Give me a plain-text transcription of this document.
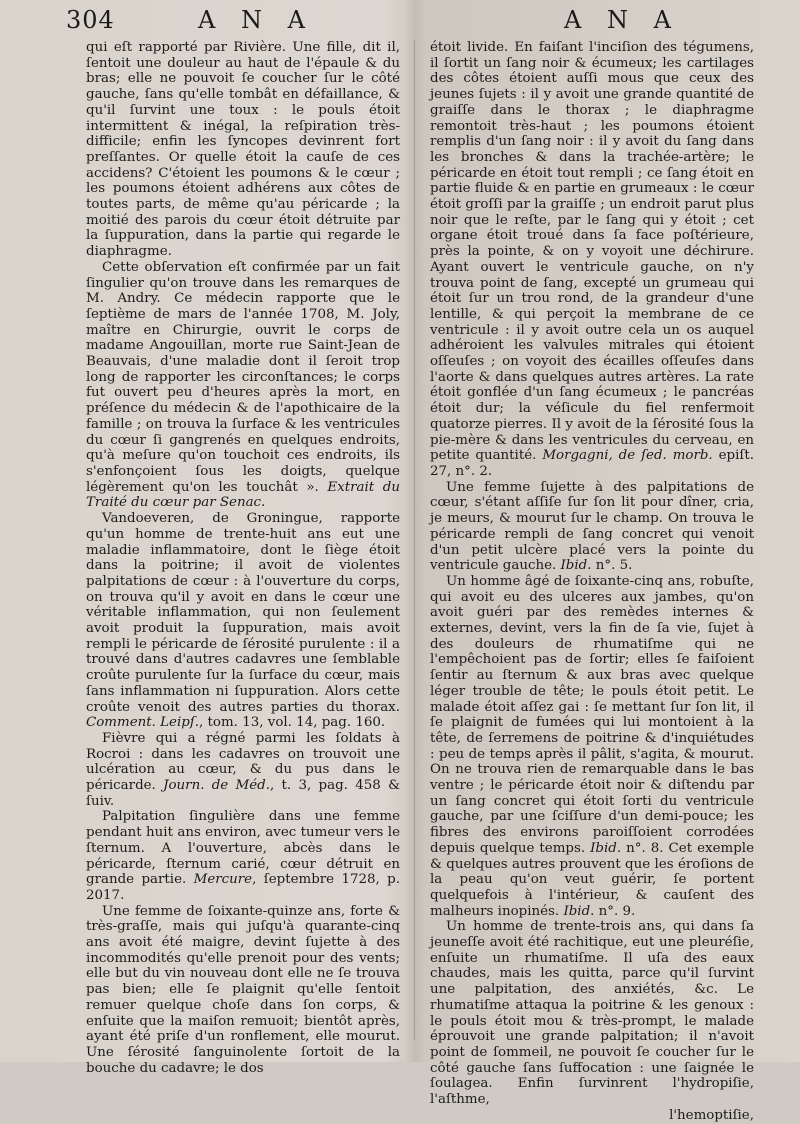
304	A N A	A N A

qui eſt rapporté par Rivière. Une fille, dit il, ſentoit une douleur au haut de l'épaule & du bras; elle ne pouvoit ſe coucher ſur le côté gauche, ſans qu'elle tombât en défaillance, & qu'il ſurvint une toux : le pouls étoit intermittent & inégal, la reſpiration très-difficile; enfin les ſyncopes devinrent fort preſſantes. Or quelle étoit la cauſe de ces accidens? C'étoient les poumons & le cœur ; les poumons étoient adhérens aux côtes de toutes parts, de même qu'au péricarde ; la moitié des parois du cœur étoit détruite par la ſuppuration, dans la partie qui regarde le diaphragme.

Cette obſervation eſt confirmée par un fait ſingulier qu'on trouve dans les remarques de M. Andry. Ce médecin rapporte que le ſeptième de mars de l'année 1708, M. Joly, maître en Chirurgie, ouvrit le corps de madame Angouillan, morte rue Saint-Jean de Beauvais, d'une maladie dont il ſeroit trop long de rapporter les circonſtances; le corps fut ouvert peu d'heures après la mort, en préſence du médecin & de l'apothicaire de la famille ; on trouva la ſurface & les ventricules du cœur ſi gangrenés en quelques endroits, qu'à meſure qu'on touchoit ces endroits, ils s'enfonçoient ſous les doigts, quelque légèrement qu'on les touchât ». Extrait du Traité du cœur par Senac.

Vandoeveren, de Groningue, rapporte qu'un homme de trente-huit ans eut une maladie inflammatoire, dont le ſiège étoit dans la poitrine; il avoit de violentes palpitations de cœur : à l'ouverture du corps, on trouva qu'il y avoit en dans le cœur une véritable inflammation, qui non ſeulement avoit produit la ſuppuration, mais avoit rempli le péricarde de ſérosité purulente : il a trouvé dans d'autres cadavres une ſemblable croûte purulente ſur la ſurface du cœur, mais ſans inflammation ni ſuppuration. Alors cette croûte venoit des autres parties du thorax. Comment. Leipſ., tom. 13, vol. 14, pag. 160.

Fièvre qui a régné parmi les ſoldats à Rocroi : dans les cadavres on trouvoit une ulcération au cœur, & du pus dans le péricarde. Journ. de Méd., t. 3, pag. 458 & ſuiv.

Palpitation ſingulière dans une femme pendant huit ans environ, avec tumeur vers le ſternum. A l'ouverture, abcès dans le péricarde, ſternum carié, cœur détruit en grande partie. Mercure, ſeptembre 1728, p. 2017.

Une femme de ſoixante-quinze ans, forte & très-graſſe, mais qui juſqu'à quarante-cinq ans avoit été maigre, devint ſujette à des incommodités qu'elle prenoit pour des vents; elle but du vin nouveau dont elle ne ſe trouva pas bien; elle ſe plaignit qu'elle ſentoit remuer quelque choſe dans ſon corps, & enſuite que la maiſon remuoit; bientôt après, ayant été priſe d'un ronflement, elle mourut. Une ſérosité ſanguinolente ſortoit de la bouche du cadavre; le dos

étoit livide. En faiſant l'inciſion des tégumens, il ſortit un ſang noir & écumeux; les cartilages des côtes étoient auſſi mous que ceux des jeunes ſujets : il y avoit une grande quantité de graiſſe dans le thorax ; le diaphragme remontoit très-haut ; les poumons étoient remplis d'un ſang noir : il y avoit du ſang dans les bronches & dans la trachée-artère; le péricarde en étoit tout rempli ; ce ſang étoit en partie fluide & en partie en grumeaux : le cœur étoit groſſi par la graiſſe ; un endroit parut plus noir que le reſte, par le ſang qui y étoit ; cet organe étoit troué dans ſa face poſtérieure, près la pointe, & on y voyoit une déchirure. Ayant ouvert le ventricule gauche, on n'y trouva point de ſang, excepté un grumeau qui étoit ſur un trou rond, de la grandeur d'une lentille, & qui perçoit la membrane de ce ventricule : il y avoit outre cela un os auquel adhéroient les valvules mitrales qui étoient oſſeuſes ; on voyoit des écailles oſſeuſes dans l'aorte & dans quelques autres artères. La rate étoit gonflée d'un ſang écumeux ; le pancréas étoit dur; la véſicule du fiel renfermoit quatorze pierres. Il y avoit de la ſérosité ſous la pie-mère & dans les ventricules du cerveau, en petite quantité. Morgagni, de ſed. morb. epiſt. 27, n°. 2.

Une femme ſujette à des palpitations de cœur, s'étant aſſiſe ſur ſon lit pour dîner, cria, je meurs, & mourut ſur le champ. On trouva le péricarde rempli de ſang concret qui venoit d'un petit ulcère placé vers la pointe du ventricule gauche. Ibid. n°. 5.

Un homme âgé de ſoixante-cinq ans, robuſte, qui avoit eu des ulceres aux jambes, qu'on avoit guéri par des remèdes internes & externes, devint, vers la fin de ſa vie, ſujet à des douleurs de rhumatiſme qui ne l'empêchoient pas de ſortir; elles ſe faiſoient ſentir au ſternum & aux bras avec quelque léger trouble de tête; le pouls étoit petit. Le malade étoit aſſez gai : ſe mettant ſur ſon lit, il ſe plaignit de fumées qui lui montoient à la tête, de ſerremens de poitrine & d'inquiétudes : peu de temps après il pâlit, s'agita, & mourut. On ne trouva rien de remarquable dans le bas ventre ; le péricarde étoit noir & diſtendu par un ſang concret qui étoit ſorti du ventricule gauche, par une ſciſſure d'un demi-pouce; les fibres des environs paroiſſoient corrodées depuis quelque temps. Ibid. n°. 8. Cet exemple & quelques autres prouvent que les éroſions de la peau qu'on veut guérir, ſe portent quelquefois à l'intérieur, & cauſent des malheurs inopinés. Ibid. n°. 9.

Un homme de trente-trois ans, qui dans ſa jeuneſſe avoit été rachitique, eut une pleuréſie, enſuite un rhumatiſme. Il uſa des eaux chaudes, mais les quitta, parce qu'il ſurvint une palpitation, des anxiétés, &c. Le rhumatiſme attaqua la poitrine & les genoux : le pouls étoit mou & très-prompt, le malade éprouvoit une grande palpitation; il n'avoit point de ſommeil, ne pouvoit ſe coucher ſur le côté gauche ſans ſuffocation : une ſaignée le ſoulagea. Enfin ſurvinrent l'hydropiſie, l'aſthme,

l'hemoptiſie,
